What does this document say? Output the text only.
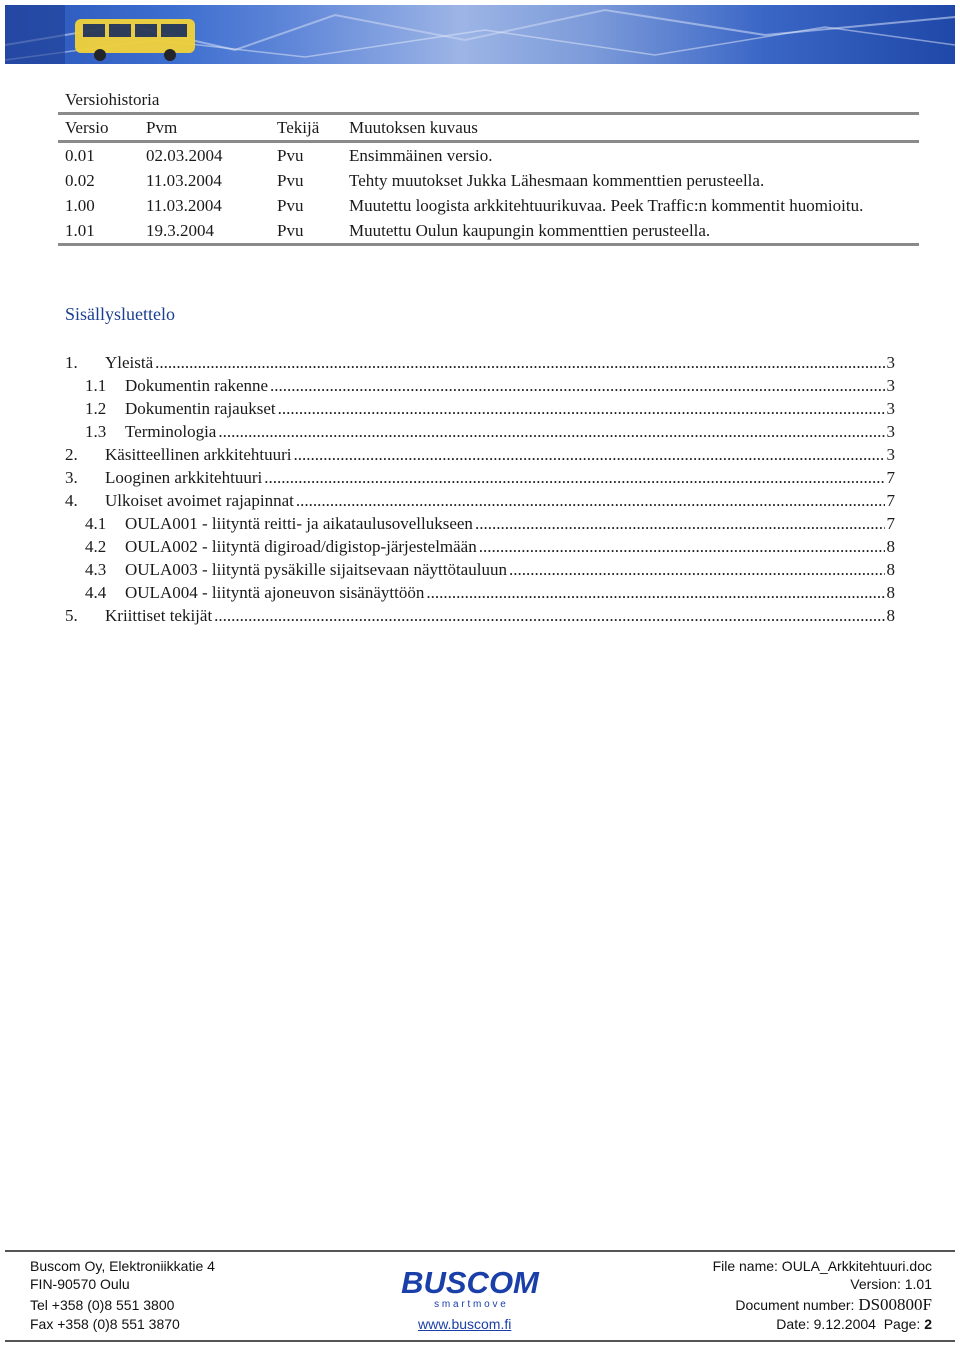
Versiohistoria
Versio	Pvm	Tekijä	Muutoksen kuvaus
0.01	02.03.2004	Pvu	Ensimmäinen versio.
0.02	11.03.2004	Pvu	Tehty muutokset Jukka Lähesmaan kommenttien perusteella.
1.00	11.03.2004	Pvu	Muutettu loogista arkkitehtuurikuvaa. Peek Traffic:n kommentit huomioitu.
1.01	19.3.2004	Pvu	Muutettu Oulun kaupungin kommenttien perusteella.
Sisällysluettelo
1.	Yleistä .....	3
1.1	Dokumentin rakenne .....	3
1.2	Dokumentin rajaukset .....	3
1.3	Terminologia .....	3
2.	Käsitteellinen arkkitehtuuri .....	3
3.	Looginen arkkitehtuuri .....	7
4.	Ulkoiset avoimet rajapinnat .....	7
4.1	OULA001 - liityntä reitti- ja aikataulusovellukseen .....	7
4.2	OULA002 - liityntä digiroad/digistop-järjestelmään .....	8
4.3	OULA003 - liityntä pysäkille sijaitsevaan näyttötauluun .....	8
4.4	OULA004 - liityntä ajoneuvon sisänäyttöön .....	8
5.	Kriittiset tekijät .....	8
Buscom Oy, Elektroniikkatie 4
FIN-90570 Oulu
Tel +358 (0)8 551 3800
Fax +358 (0)8 551 3870
BUSCOM
s m a r t m o v e
www.buscom.fi
File name: OULA_Arkkitehtuuri.doc
Version: 1.01
Document number: DS00800F
Date: 9.12.2004 Page: 2
